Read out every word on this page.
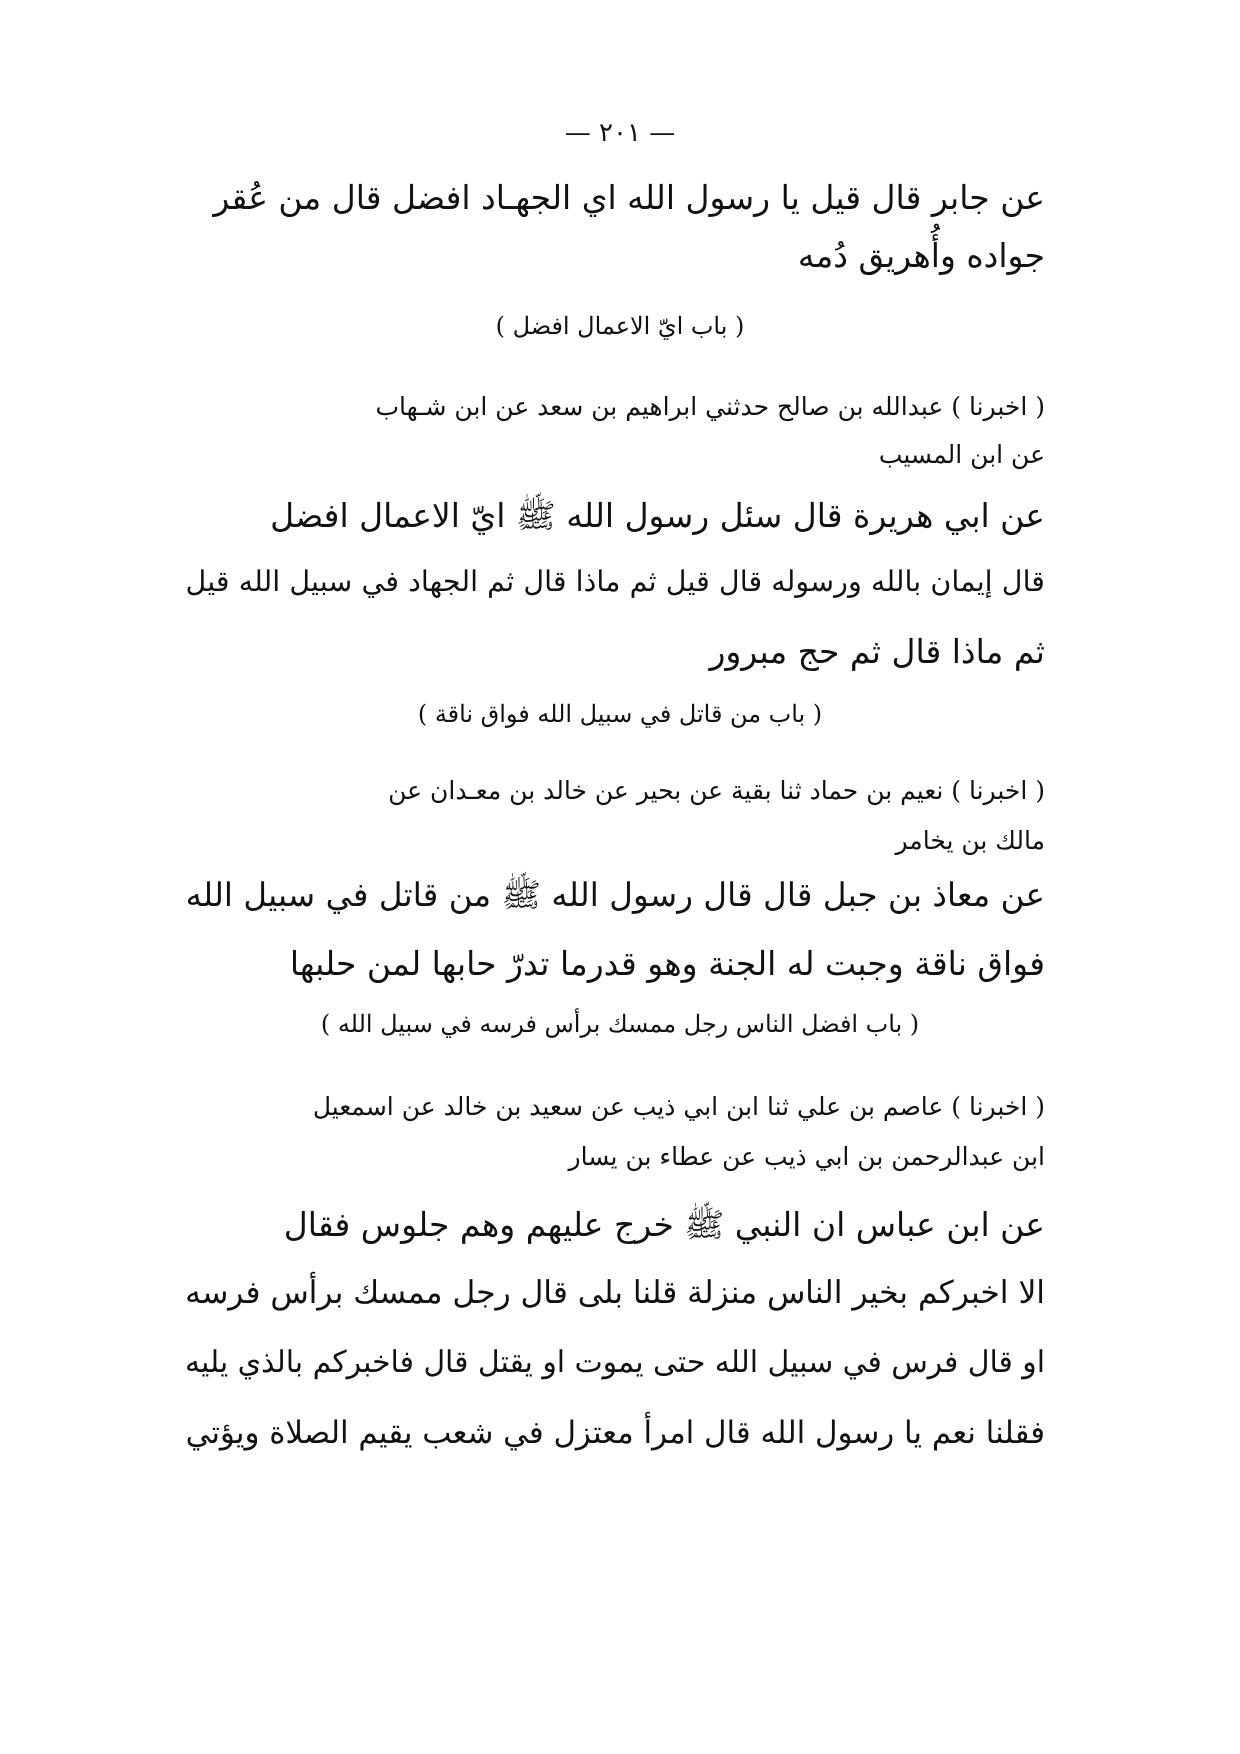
— ٢٠١ —
عن جابر قال قيل يا رسول الله اي الجهـاد افضل قال من عُقر
جواده وأُهريق دُمه
( باب ايّ الاعمال افضل )
( اخبرنا ) عبدالله بن صالح حدثني ابراهيم بن سعد عن ابن شـهاب
عن ابن المسيب
عن ابي هريرة قال سئل رسول الله ﷺ ايّ الاعمال افضل
قال إيمان بالله ورسوله قال قيل ثم ماذا قال ثم الجهاد في سبيل الله قيل
ثم ماذا قال ثم حج مبرور
( باب من قاتل في سبيل الله فواق ناقة )
( اخبرنا ) نعيم بن حماد ثنا بقية عن بحير عن خالد بن معـدان عن
مالك بن يخامر
عن معاذ بن جبل قال قال رسول الله ﷺ من قاتل في سبيل الله
فواق ناقة وجبت له الجنة وهو قدرما تدرّ حابها لمن حلبها
( باب افضل الناس رجل ممسك برأس فرسه في سبيل الله )
( اخبرنا ) عاصم بن علي ثنا ابن ابي ذيب عن سعيد بن خالد عن اسمعيل
ابن عبدالرحمن بن ابي ذيب عن عطاء بن يسار
عن ابن عباس ان النبي ﷺ خرج عليهم وهم جلوس فقال
الا اخبركم بخير الناس منزلة قلنا بلى قال رجل ممسك برأس فرسه
او قال فرس في سبيل الله حتى يموت او يقتل قال فاخبركم بالذي يليه
فقلنا نعم يا رسول الله قال امرأ معتزل في شعب يقيم الصلاة ويؤتي
